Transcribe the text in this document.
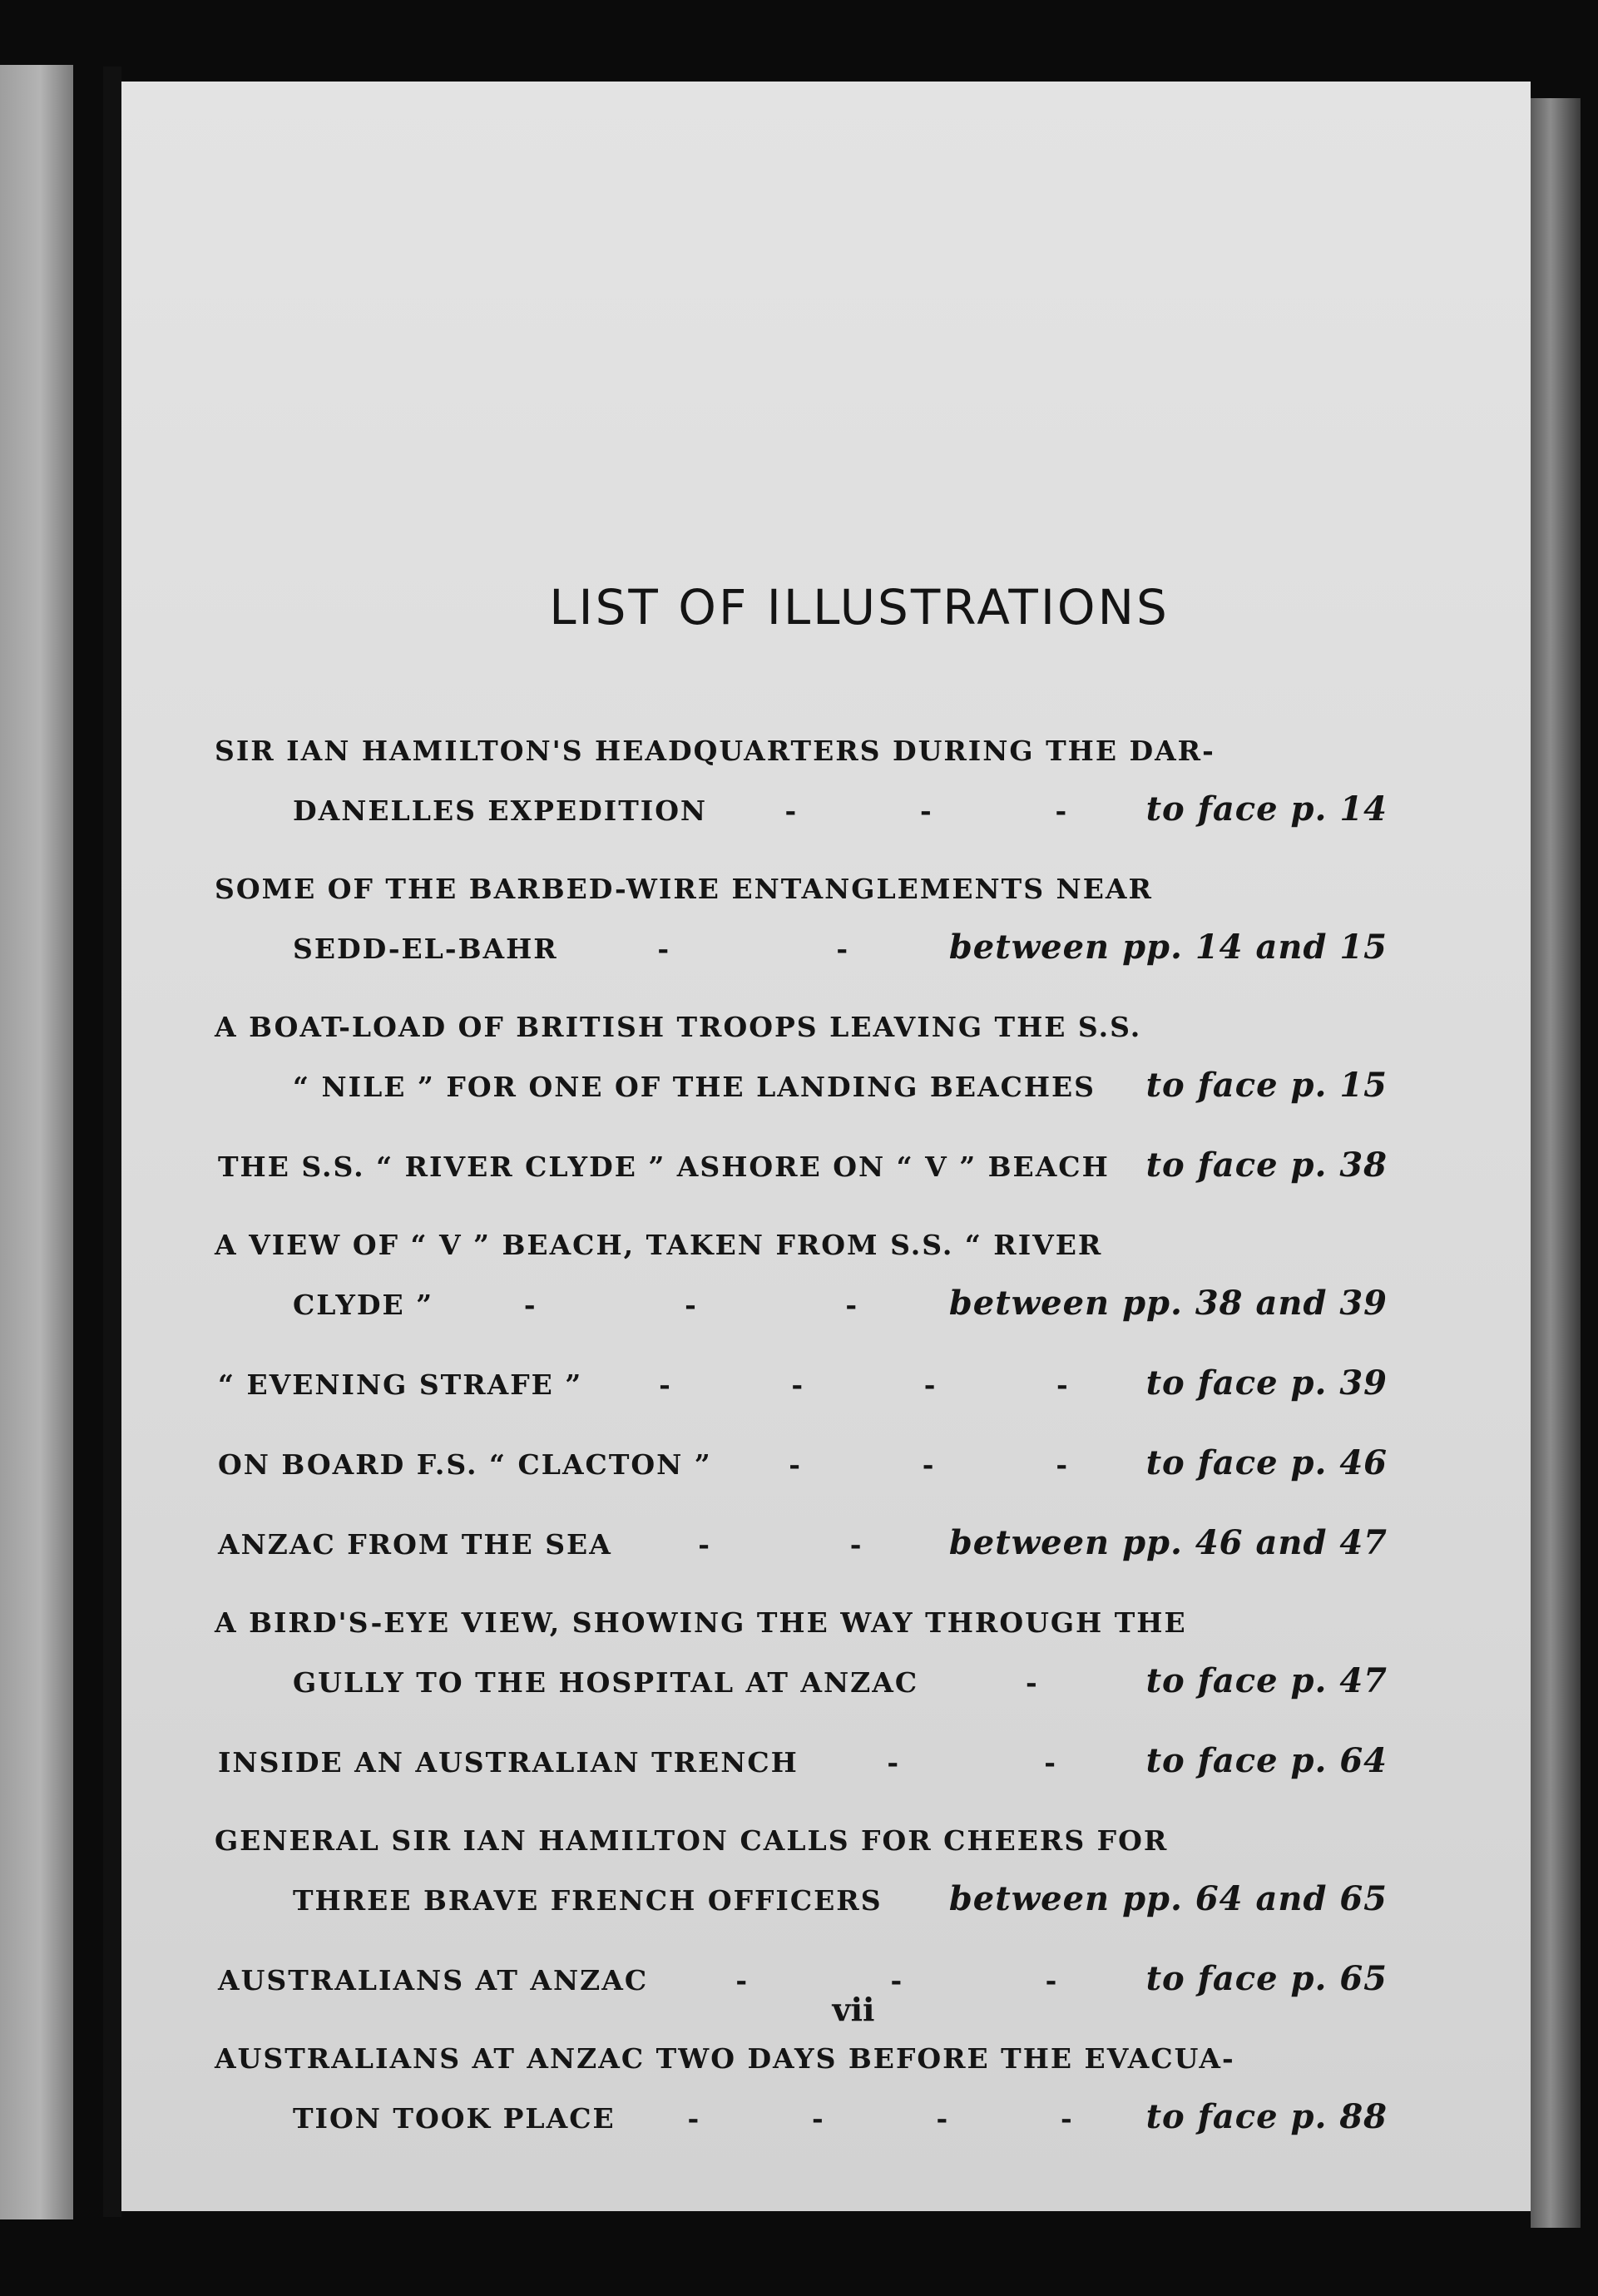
LIST OF ILLUSTRATIONS
SIR IAN HAMILTON'S HEADQUARTERS DURING THE DAR-
DANELLES EXPEDITION	-	-	- to face p. 14
SOME OF THE BARBED-WIRE ENTANGLEMENTS NEAR
SEDD-EL-BAHR	-	-	between pp. 14 and 15
A BOAT-LOAD OF BRITISH TROOPS LEAVING THE S.S.
“ NILE ” FOR ONE OF THE LANDING BEACHES to face p. 15
THE S.S. “ RIVER CLYDE ” ASHORE ON “ V ” BEACH to face p. 38
A VIEW OF “ V ” BEACH, TAKEN FROM S.S. “ RIVER
CLYDE ”	-	-	-	between pp. 38 and 39
“ EVENING STRAFE ”	-	-	-	- to face p. 39
ON BOARD F.S. “ CLACTON ”	-	-	- to face p. 46
ANZAC FROM THE SEA	-	-	between pp. 46 and 47
A BIRD'S-EYE VIEW, SHOWING THE WAY THROUGH THE
GULLY TO THE HOSPITAL AT ANZAC	-	to face p. 47
INSIDE AN AUSTRALIAN TRENCH	-	-	to face p. 64
GENERAL SIR IAN HAMILTON CALLS FOR CHEERS FOR
THREE BRAVE FRENCH OFFICERS between pp. 64 and 65
AUSTRALIANS AT ANZAC	-	-	-	to face p. 65
AUSTRALIANS AT ANZAC TWO DAYS BEFORE THE EVACUA-
TION TOOK PLACE	-	-	-	- to face p. 88
vii
